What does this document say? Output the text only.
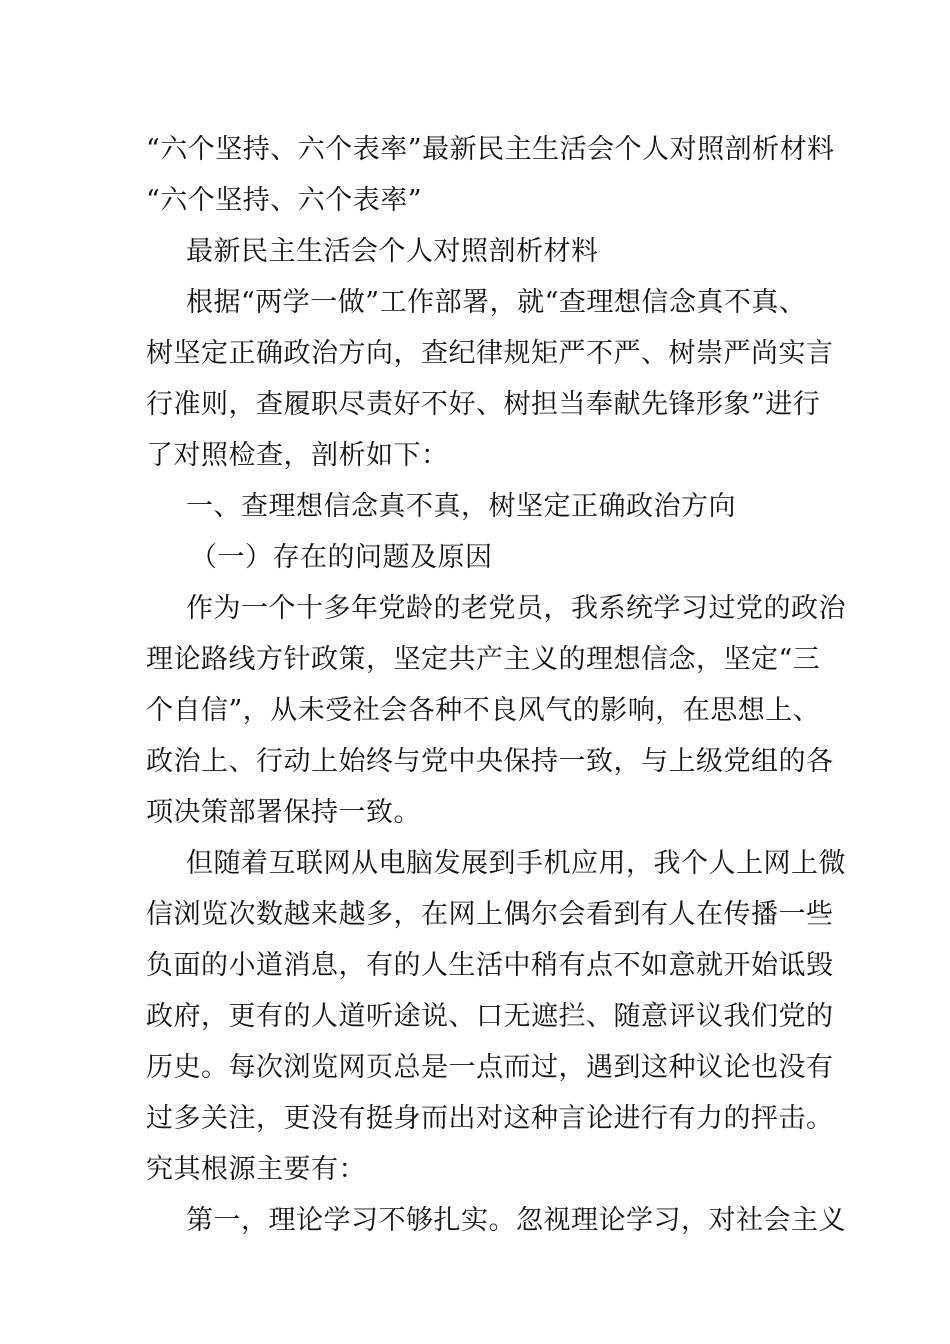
“六个坚持、六个表率”最新民主生活会个人对照剖析材料
“六个坚持、六个表率”
最新民主生活会个人对照剖析材料
根据“两学一做”工作部署，就“查理想信念真不真、
树坚定正确政治方向，查纪律规矩严不严、树崇严尚实言
行准则，查履职尽责好不好、树担当奉献先锋形象”进行
了对照检查，剖析如下：
一、查理想信念真不真，树坚定正确政治方向
（一）存在的问题及原因
作为一个十多年党龄的老党员，我系统学习过党的政治
理论路线方针政策，坚定共产主义的理想信念，坚定“三
个自信”，从未受社会各种不良风气的影响，在思想上、
政治上、行动上始终与党中央保持一致，与上级党组的各
项决策部署保持一致。
但随着互联网从电脑发展到手机应用，我个人上网上微
信浏览次数越来越多，在网上偶尔会看到有人在传播一些
负面的小道消息，有的人生活中稍有点不如意就开始诋毁
政府，更有的人道听途说、口无遮拦、随意评议我们党的
历史。每次浏览网页总是一点而过，遇到这种议论也没有
过多关注，更没有挺身而出对这种言论进行有力的抨击。
究其根源主要有：
第一，理论学习不够扎实。忽视理论学习，对社会主义
